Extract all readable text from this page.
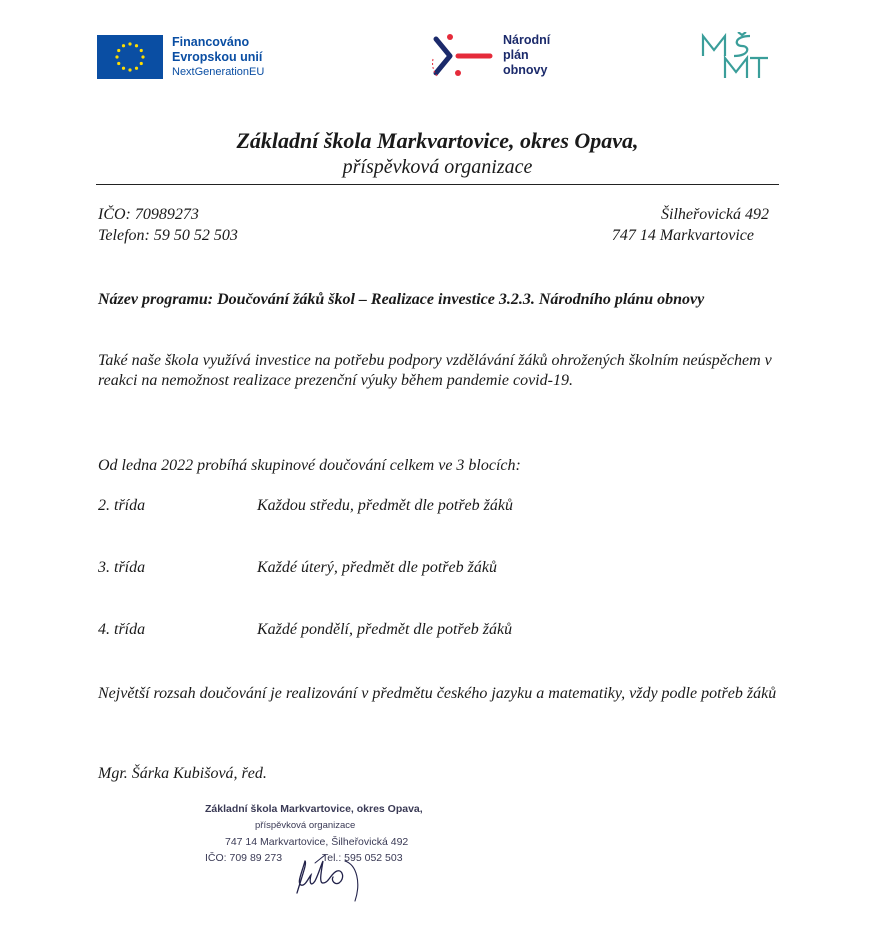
Financováno
Evropskou unií
NextGenerationEU
Národní
plán
obnovy
Základní škola Markvartovice, okres Opava,
příspěvková organizace
IČO: 70989273
Telefon: 59 50 52 503
Šilheřovická 492
747 14 Markvartovice
Název programu: Doučování žáků škol – Realizace investice 3.2.3. Národního plánu obnovy
Také naše škola využívá investice na potřebu podpory vzdělávání žáků ohrožených školním neúspěchem v reakci na nemožnost realizace prezenční výuky během pandemie covid-19.
Od ledna 2022 probíhá skupinové doučování celkem ve 3 blocích:
2. třída	Každou středu, předmět dle potřeb žáků
3. třída	Každé úterý, předmět dle potřeb žáků
4. třída	Každé pondělí, předmět dle potřeb žáků
Největší rozsah doučování je realizování v předmětu českého jazyku a matematiky, vždy podle potřeb žáků
Mgr. Šárka Kubišová, řed.
Základní škola Markvartovice, okres Opava,
příspěvková organizace
747 14 Markvartovice, Šilheřovická 492
IČO: 709 89 273	Tel.: 595 052 503
